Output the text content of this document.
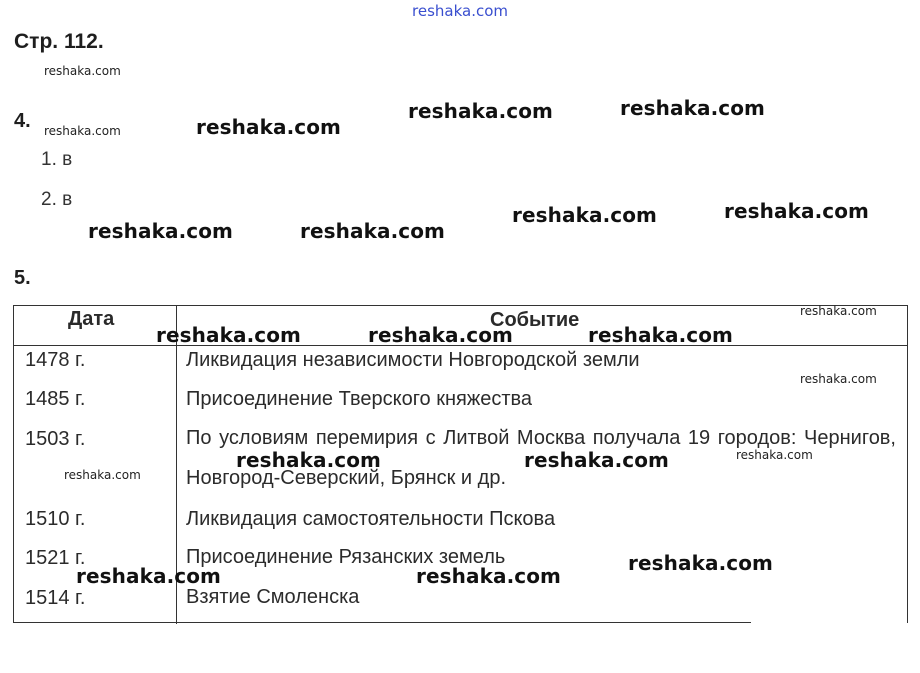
reshaka.com
Стр. 112.
4.
1. в
2. в
5.
Дата	Событие
1478 г.	Ликвидация независимости Новгородской земли
1485 г.	Присоединение Тверского княжества
1503 г.	По условиям перемирия с Литвой Москва получала 19 городов: Чернигов, Новгород-Северский, Брянск и др.
1510 г.	Ликвидация самостоятельности Пскова
1521 г.	Присоединение Рязанских земель
1514 г.	Взятие Смоленска
reshaka.com
reshaka.com
reshaka.com
reshaka.com
reshaka.com
reshaka.com
reshaka.com	reshaka.com
reshaka.com
reshaka.com	reshaka.com
reshaka.com	reshaka.com
reshaka.com	reshaka.com	reshaka.com
reshaka.com	reshaka.com
reshaka.com
reshaka.com	reshaka.com
